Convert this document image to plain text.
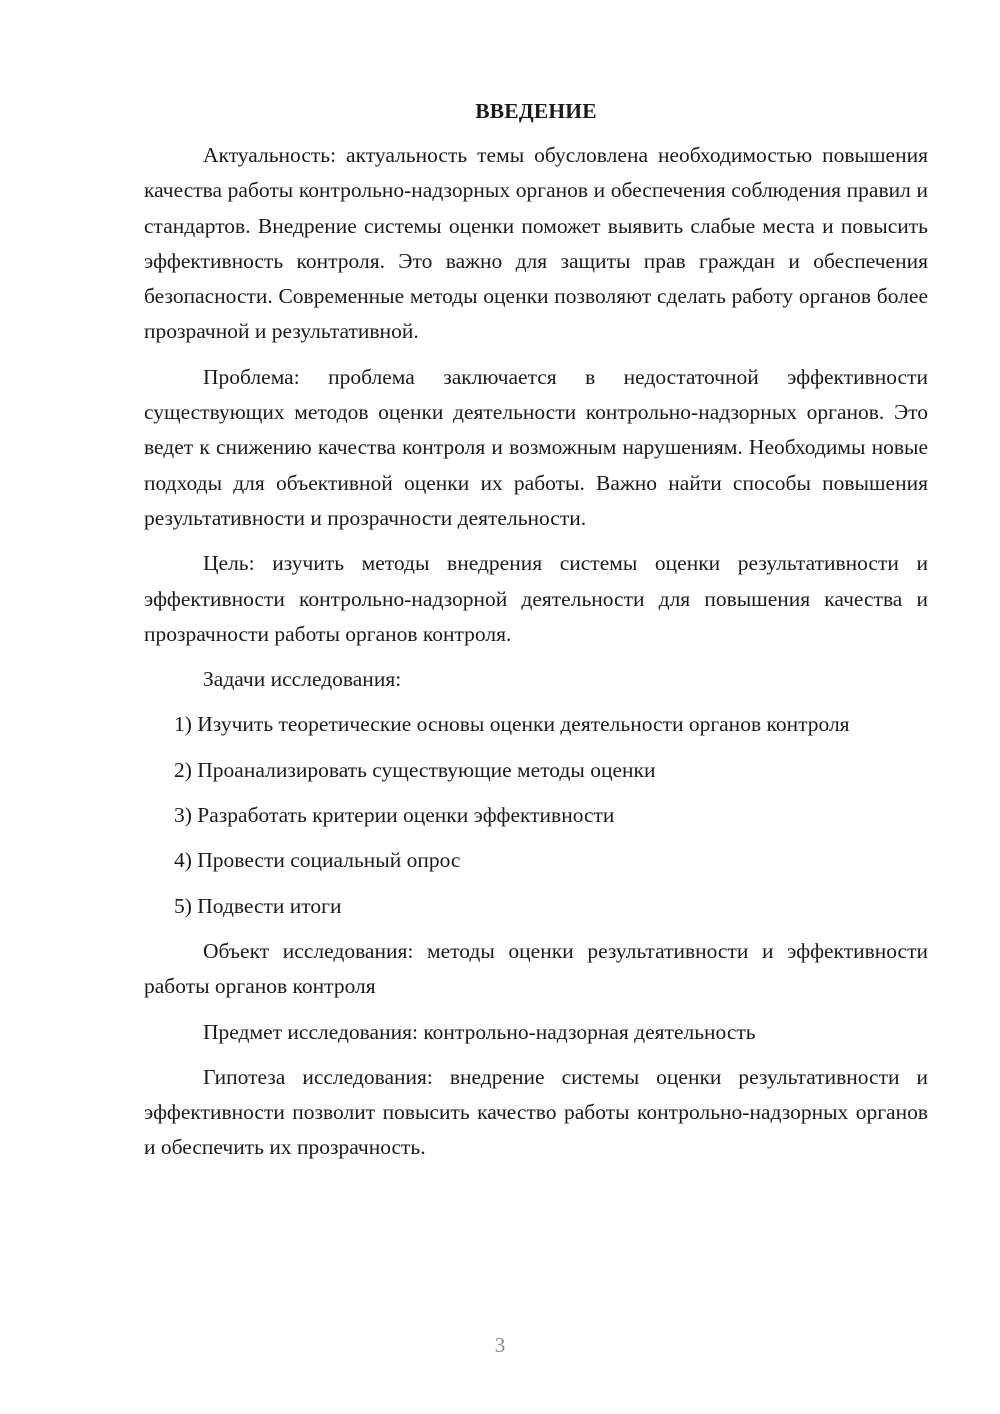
ВВЕДЕНИЕ

Актуальность: актуальность темы обусловлена необходимостью повышения качества работы контрольно-надзорных органов и обеспечения соблюдения правил и стандартов. Внедрение системы оценки поможет выявить слабые места и повысить эффективность контроля. Это важно для защиты прав граждан и обеспечения безопасности. Современные методы оценки позволяют сделать работу органов более прозрачной и результативной.

Проблема: проблема заключается в недостаточной эффективности существующих методов оценки деятельности контрольно-надзорных органов. Это ведет к снижению качества контроля и возможным нарушениям. Необходимы новые подходы для объективной оценки их работы. Важно найти способы повышения результативности и прозрачности деятельности.

Цель: изучить методы внедрения системы оценки результативности и эффективности контрольно-надзорной деятельности для повышения качества и прозрачности работы органов контроля.

Задачи исследования:

1) Изучить теоретические основы оценки деятельности органов контроля

2) Проанализировать существующие методы оценки

3) Разработать критерии оценки эффективности

4) Провести социальный опрос

5) Подвести итоги

Объект исследования: методы оценки результативности и эффективности работы органов контроля

Предмет исследования: контрольно-надзорная деятельность

Гипотеза исследования: внедрение системы оценки результативности и эффективности позволит повысить качество работы контрольно-надзорных органов и обеспечить их прозрачность.

3
